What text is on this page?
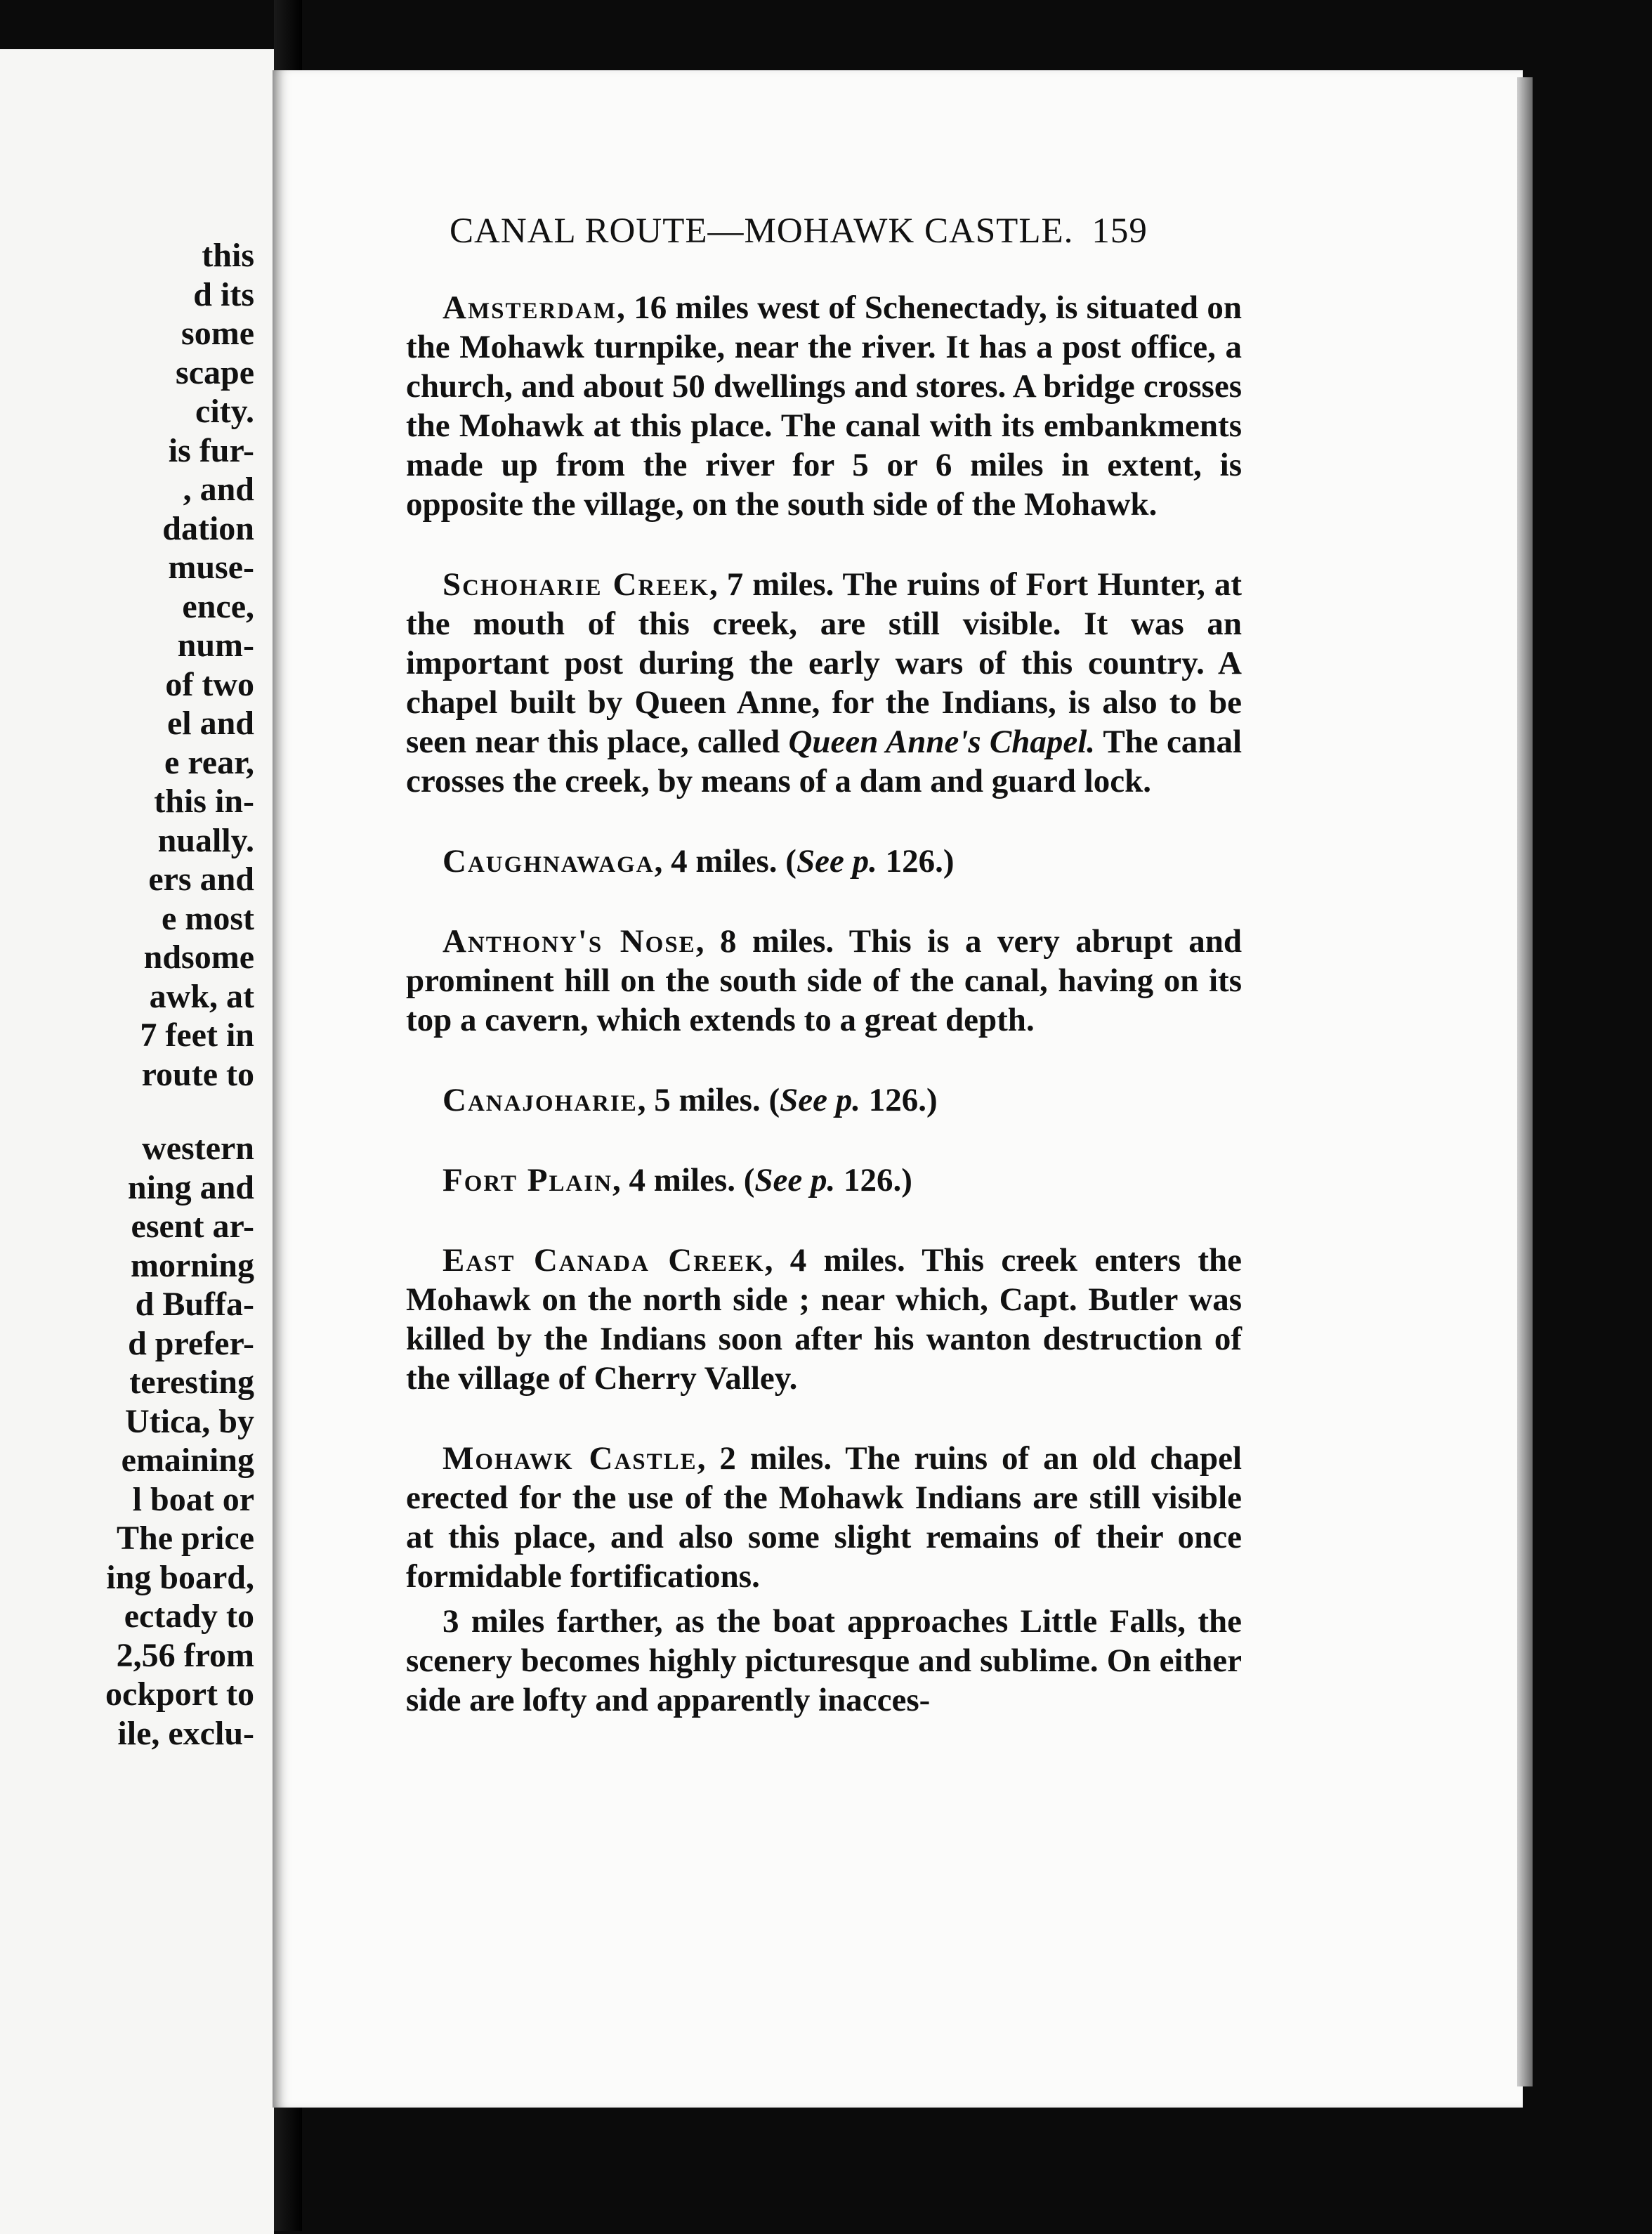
this
d its
some
scape
city.
is fur-
, and
dation
muse-
ence,
num-
of two
el and
e rear,
this in-
nually.
ers and
e most
ndsome
awk, at
7 feet in
route to
western
ning and
esent ar-
morning
d Buffa-
d prefer-
teresting
Utica, by
emaining
l boat or
The price
ing board,
ectady to
2,56 from
ockport to
ile, exclu-
CANAL ROUTE—MOHAWK CASTLE. 159

Amsterdam, 16 miles west of Schenectady, is situated on the Mohawk turnpike, near the river. It has a post office, a church, and about 50 dwellings and stores. A bridge crosses the Mohawk at this place. The canal with its embankments made up from the river for 5 or 6 miles in extent, is opposite the village, on the south side of the Mohawk.

Schoharie Creek, 7 miles. The ruins of Fort Hunter, at the mouth of this creek, are still visible. It was an important post during the early wars of this country. A chapel built by Queen Anne, for the Indians, is also to be seen near this place, called Queen Anne's Chapel. The canal crosses the creek, by means of a dam and guard lock.

Caughnawaga, 4 miles. (See p. 126.)

Anthony's Nose, 8 miles. This is a very abrupt and prominent hill on the south side of the canal, having on its top a cavern, which extends to a great depth.

Canajoharie, 5 miles. (See p. 126.)

Fort Plain, 4 miles. (See p. 126.)

East Canada Creek, 4 miles. This creek enters the Mohawk on the north side ; near which, Capt. Butler was killed by the Indians soon after his wanton destruction of the village of Cherry Valley.

Mohawk Castle, 2 miles. The ruins of an old chapel erected for the use of the Mohawk Indians are still visible at this place, and also some slight remains of their once formidable fortifications.

3 miles farther, as the boat approaches Little Falls, the scenery becomes highly picturesque and sublime. On either side are lofty and apparently inacces-
